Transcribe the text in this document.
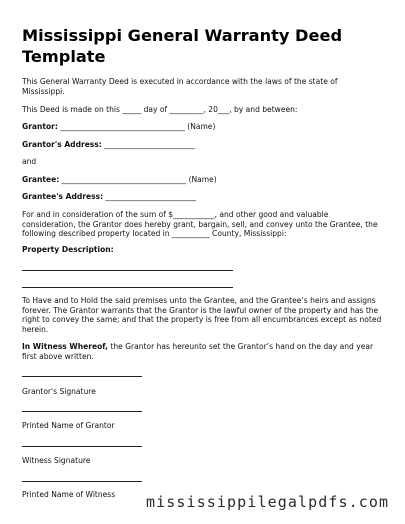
Mississippi General Warranty Deed Template

This General Warranty Deed is executed in accordance with the laws of the state of Mississippi.

This Deed is made on this _____ day of _________, 20___, by and between:

Grantor: _________________________________ (Name)

Grantor's Address: ________________________

and

Grantee: _________________________________ (Name)

Grantee's Address: ________________________

For and in consideration of the sum of $___________, and other good and valuable consideration, the Grantor does hereby grant, bargain, sell, and convey unto the Grantee, the following described property located in __________ County, Mississippi:

Property Description:

To Have and to Hold the said premises unto the Grantee, and the Grantee’s heirs and assigns forever. The Grantor warrants that the Grantor is the lawful owner of the property and has the right to convey the same; and that the property is free from all encumbrances except as noted herein.

In Witness Whereof, the Grantor has hereunto set the Grantor’s hand on the day and year first above written.

Grantor's Signature

Printed Name of Grantor

Witness Signature

Printed Name of Witness	mississippilegalpdfs.com
